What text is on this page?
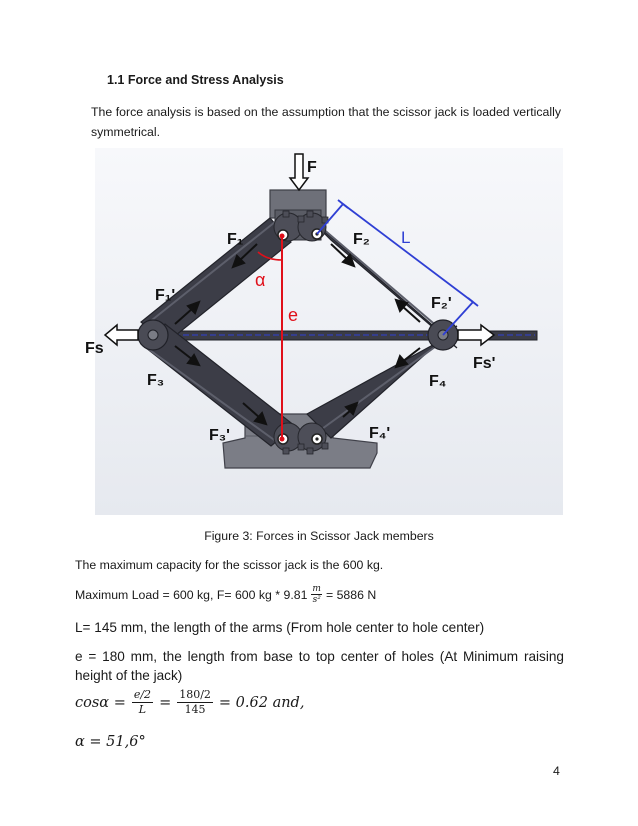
1.1 Force and Stress Analysis
The force analysis is based on the assumption that the scissor jack is loaded vertically
symmetrical.
F
F₁	F₂
F₁'	F₂'
Fs
Fs'
F₃	F₄
F₃'	F₄'
L
α
e
Figure 3: Forces in Scissor Jack members
The maximum capacity for the scissor jack is the 600 kg.
Maximum Load = 600 kg, F= 600 kg * $9.81 \frac{m}{\text{s²}} = 5886$ N
L= 145 mm, the length of the arms (From hole center to hole center)
e = 180 mm, the length from base to top center of holes (At Minimum raising height of the jack)
$\cos\alpha = \frac{e/2}{L} = \frac{180/2}{145} = 0.62$ and,
α = 51,6°
4
